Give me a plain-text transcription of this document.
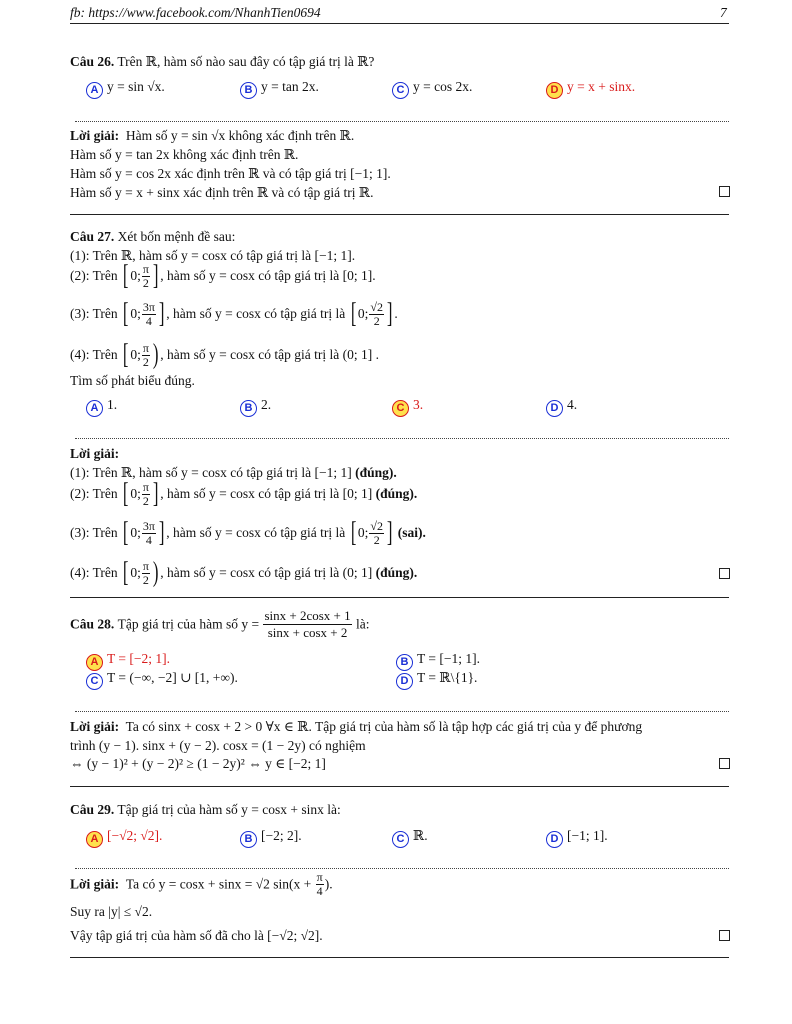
fb: https://www.facebook.com/NhanhTien0694	7
Câu 26. Trên ℝ, hàm số nào sau đây có tập giá trị là ℝ?
A y = sin √x.	B y = tan 2x.	C y = cos 2x.	D y = x + sinx.
Lời giải: Hàm số y = sin √x không xác định trên ℝ.
Hàm số y = tan 2x không xác định trên ℝ.
Hàm số y = cos 2x xác định trên ℝ và có tập giá trị [−1; 1].
Hàm số y = x + sinx xác định trên ℝ và có tập giá trị ℝ.
Câu 27. Xét bốn mệnh đề sau:
(1): Trên ℝ, hàm số y = cosx có tập giá trị là [−1; 1].
(2): Trên [ 0; $\frac{\pi}{2}$ ] , hàm số y = cosx có tập giá trị là [0; 1].
(3): Trên [ 0; $\frac{3\pi}{4}$ ] , hàm số y = cosx có tập giá trị là [ 0; $\frac{√2}{2}$ ] .
(4): Trên [ 0; $\frac{\pi}{2}$ ) , hàm số y = cosx có tập giá trị là (0; 1] .
Tìm số phát biểu đúng.
A 1.	B 2.	C 3.	D 4.
Lời giải:
(1): Trên ℝ, hàm số y = cosx có tập giá trị là [−1; 1] (đúng).
(2): Trên [ 0; $\frac{\pi}{2}$ ] , hàm số y = cosx có tập giá trị là [0; 1] (đúng).
(3): Trên [ 0; $\frac{3\pi}{4}$ ] , hàm số y = cosx có tập giá trị là [ 0; $\frac{√2}{2}$ ] (sai).
(4): Trên [ 0; $\frac{\pi}{2}$ ) , hàm số y = cosx có tập giá trị là (0; 1] (đúng).
Câu 28. Tập giá trị của hàm số $y = \frac{\sin x + 2\cos x + 1}{\sin x + \cos x + 2}$ là:
A T = [−2; 1].	B T = [−1; 1].
C T = (−∞, −2] ∪ [1, +∞).	D T = ℝ\{1}.
Lời giải: Ta có sinx + cosx + 2 > 0 ∀x ∈ ℝ. Tập giá trị của hàm số là tập hợp các giá trị của y để phương
trình (y − 1). sinx + (y − 2). cosx = (1 − 2y) có nghiệm
⇔ (y − 1)² + (y − 2)² ≥ (1 − 2y)² ⇔ y ∈ [−2; 1]
Câu 29. Tập giá trị của hàm số y = cosx + sinx là:
A [−√2; √2].	B [−2; 2].	C ℝ.	D [−1; 1].
Lời giải: Ta có y = cosx + sinx = √2 $\sin(x + \frac{\pi}{4}$ ).
Suy ra |y| ≤ √2.
Vậy tập giá trị của hàm số đã cho là [−√2; √2].
